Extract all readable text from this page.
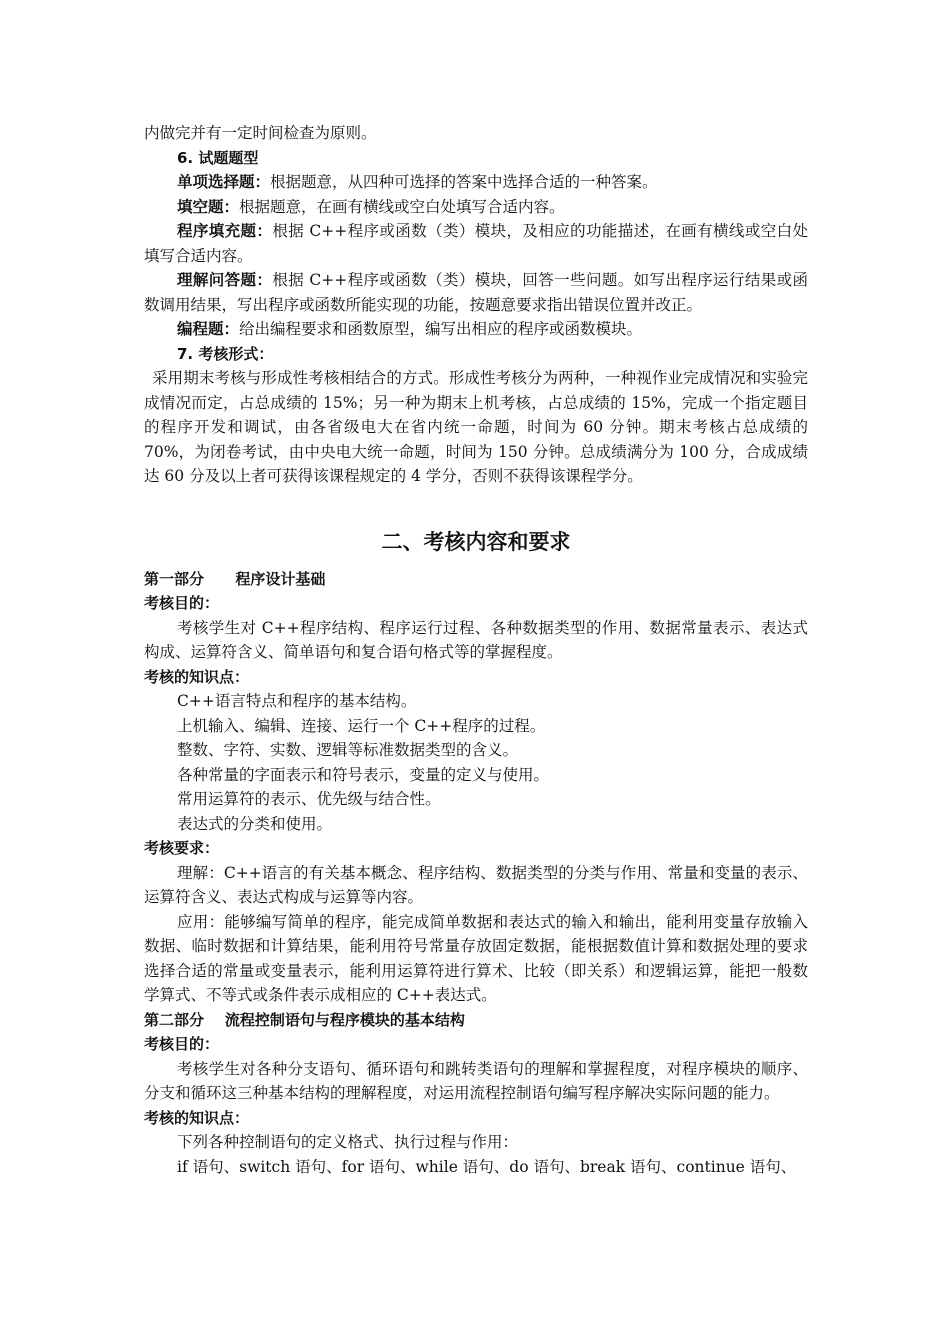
内做完并有一定时间检查为原则。

6. 试题题型

单项选择题：根据题意，从四种可选择的答案中选择合适的一种答案。

填空题：根据题意，在画有横线或空白处填写合适内容。

程序填充题：根据 C++程序或函数（类）模块，及相应的功能描述，在画有横线或空白处填写合适内容。

理解问答题：根据 C++程序或函数（类）模块，回答一些问题。如写出程序运行结果或函数调用结果，写出程序或函数所能实现的功能，按题意要求指出错误位置并改正。

编程题：给出编程要求和函数原型，编写出相应的程序或函数模块。

7. 考核形式：

采用期末考核与形成性考核相结合的方式。形成性考核分为两种，一种视作业完成情况和实验完成情况而定，占总成绩的 15%；另一种为期末上机考核，占总成绩的 15%，完成一个指定题目的程序开发和调试，由各省级电大在省内统一命题，时间为 60 分钟。期末考核占总成绩的 70%，为闭卷考试，由中央电大统一命题，时间为 150 分钟。总成绩满分为 100 分，合成成绩达 60 分及以上者可获得该课程规定的 4 学分，否则不获得该课程学分。

二、考核内容和要求

第一部分      程序设计基础

考核目的：

考核学生对 C++程序结构、程序运行过程、各种数据类型的作用、数据常量表示、表达式构成、运算符含义、简单语句和复合语句格式等的掌握程度。

考核的知识点：

C++语言特点和程序的基本结构。

上机输入、编辑、连接、运行一个 C++程序的过程。

整数、字符、实数、逻辑等标准数据类型的含义。

各种常量的字面表示和符号表示，变量的定义与使用。

常用运算符的表示、优先级与结合性。

表达式的分类和使用。

考核要求：

理解：C++语言的有关基本概念、程序结构、数据类型的分类与作用、常量和变量的表示、运算符含义、表达式构成与运算等内容。

应用：能够编写简单的程序，能完成简单数据和表达式的输入和输出，能利用变量存放输入数据、临时数据和计算结果，能利用符号常量存放固定数据，能根据数值计算和数据处理的要求选择合适的常量或变量表示，能利用运算符进行算术、比较（即关系）和逻辑运算，能把一般数学算式、不等式或条件表示成相应的 C++表达式。

第二部分    流程控制语句与程序模块的基本结构

考核目的：

考核学生对各种分支语句、循环语句和跳转类语句的理解和掌握程度，对程序模块的顺序、分支和循环这三种基本结构的理解程度，对运用流程控制语句编写程序解决实际问题的能力。

考核的知识点：

下列各种控制语句的定义格式、执行过程与作用：

if 语句、switch 语句、for 语句、while 语句、do 语句、break 语句、continue 语句、
